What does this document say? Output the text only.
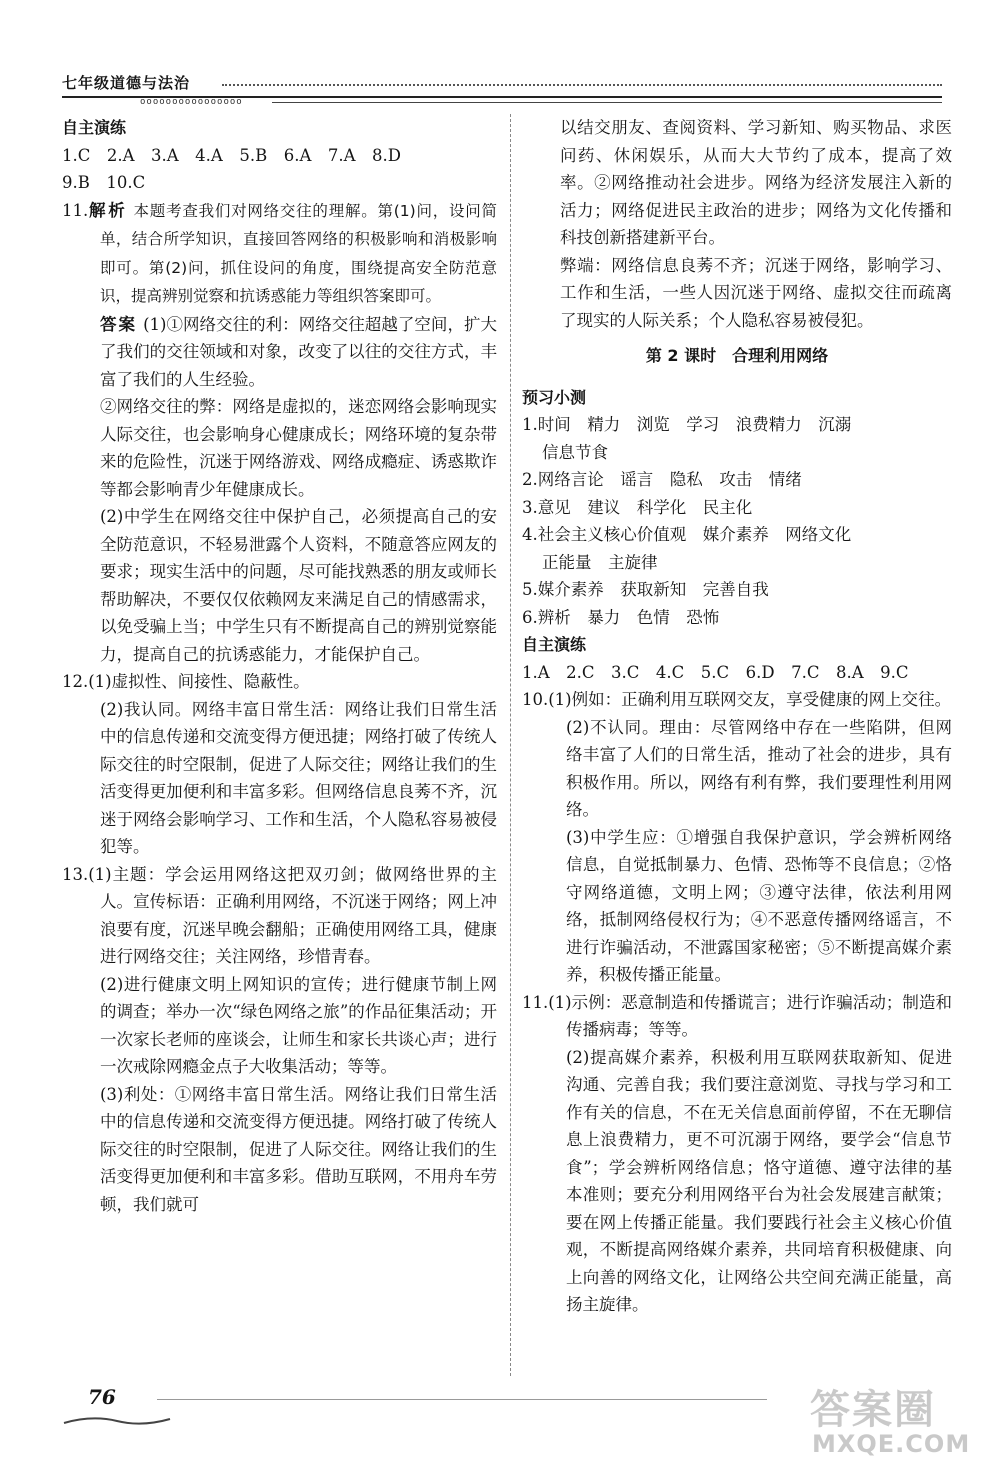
七年级道德与法治
oooooooooooooooo

自主演练

1.C　2.A　3.A　4.A　5.B　6.A　7.A　8.D

9.B　10.C

11.解析 本题考查我们对网络交往的理解。第(1)问，设问简单，结合所学知识，直接回答网络的积极影响和消极影响即可。第(2)问，抓住设问的角度，围绕提高安全防范意识，提高辨别觉察和抗诱惑能力等组织答案即可。

答案 (1)①网络交往的利：网络交往超越了空间，扩大了我们的交往领域和对象，改变了以往的交往方式，丰富了我们的人生经验。

②网络交往的弊：网络是虚拟的，迷恋网络会影响现实人际交往，也会影响身心健康成长；网络环境的复杂带来的危险性，沉迷于网络游戏、网络成瘾症、诱惑欺诈等都会影响青少年健康成长。

(2)中学生在网络交往中保护自己，必须提高自己的安全防范意识，不轻易泄露个人资料，不随意答应网友的要求；现实生活中的问题，尽可能找熟悉的朋友或师长帮助解决，不要仅仅依赖网友来满足自己的情感需求，以免受骗上当；中学生只有不断提高自己的辨别觉察能力，提高自己的抗诱惑能力，才能保护自己。

12.(1)虚拟性、间接性、隐蔽性。

(2)我认同。网络丰富日常生活：网络让我们日常生活中的信息传递和交流变得方便迅捷；网络打破了传统人际交往的时空限制，促进了人际交往；网络让我们的生活变得更加便利和丰富多彩。但网络信息良莠不齐，沉迷于网络会影响学习、工作和生活，个人隐私容易被侵犯等。

13.(1)主题：学会运用网络这把双刃剑；做网络世界的主人。宣传标语：正确利用网络，不沉迷于网络；网上冲浪要有度，沉迷早晚会翻船；正确使用网络工具，健康进行网络交往；关注网络，珍惜青春。

(2)进行健康文明上网知识的宣传；进行健康节制上网的调查；举办一次“绿色网络之旅”的作品征集活动；开一次家长老师的座谈会，让师生和家长共谈心声；进行一次戒除网瘾金点子大收集活动；等等。

(3)利处：①网络丰富日常生活。网络让我们日常生活中的信息传递和交流变得方便迅捷。网络打破了传统人际交往的时空限制，促进了人际交往。网络让我们的生活变得更加便利和丰富多彩。借助互联网，不用舟车劳顿，我们就可

以结交朋友、查阅资料、学习新知、购买物品、求医问药、休闲娱乐，从而大大节约了成本，提高了效率。②网络推动社会进步。网络为经济发展注入新的活力；网络促进民主政治的进步；网络为文化传播和科技创新搭建新平台。

弊端：网络信息良莠不齐；沉迷于网络，影响学习、工作和生活，一些人因沉迷于网络、虚拟交往而疏离了现实的人际关系；个人隐私容易被侵犯。

第 2 课时　合理利用网络

预习小测

1.时间　精力　浏览　学习　浪费精力　沉溺

信息节食

2.网络言论　谣言　隐私　攻击　情绪

3.意见　建议　科学化　民主化

4.社会主义核心价值观　媒介素养　网络文化

正能量　主旋律

5.媒介素养　获取新知　完善自我

6.辨析　暴力　色情　恐怖

自主演练

1.A　2.C　3.C　4.C　5.C　6.D　7.C　8.A　9.C

10.(1)例如：正确利用互联网交友，享受健康的网上交往。

(2)不认同。理由：尽管网络中存在一些陷阱，但网络丰富了人们的日常生活，推动了社会的进步，具有积极作用。所以，网络有利有弊，我们要理性利用网络。

(3)中学生应：①增强自我保护意识，学会辨析网络信息，自觉抵制暴力、色情、恐怖等不良信息；②恪守网络道德，文明上网；③遵守法律，依法利用网络，抵制网络侵权行为；④不恶意传播网络谣言，不进行诈骗活动，不泄露国家秘密；⑤不断提高媒介素养，积极传播正能量。

11.(1)示例：恶意制造和传播谎言；进行诈骗活动；制造和传播病毒；等等。

(2)提高媒介素养，积极利用互联网获取新知、促进沟通、完善自我；我们要注意浏览、寻找与学习和工作有关的信息，不在无关信息面前停留，不在无聊信息上浪费精力，更不可沉溺于网络，要学会“信息节食”；学会辨析网络信息；恪守道德、遵守法律的基本准则；要充分利用网络平台为社会发展建言献策；要在网上传播正能量。我们要践行社会主义核心价值观，不断提高网络媒介素养，共同培育积极健康、向上向善的网络文化，让网络公共空间充满正能量，高扬主旋律。

76	答案圈
MXQE.COM
